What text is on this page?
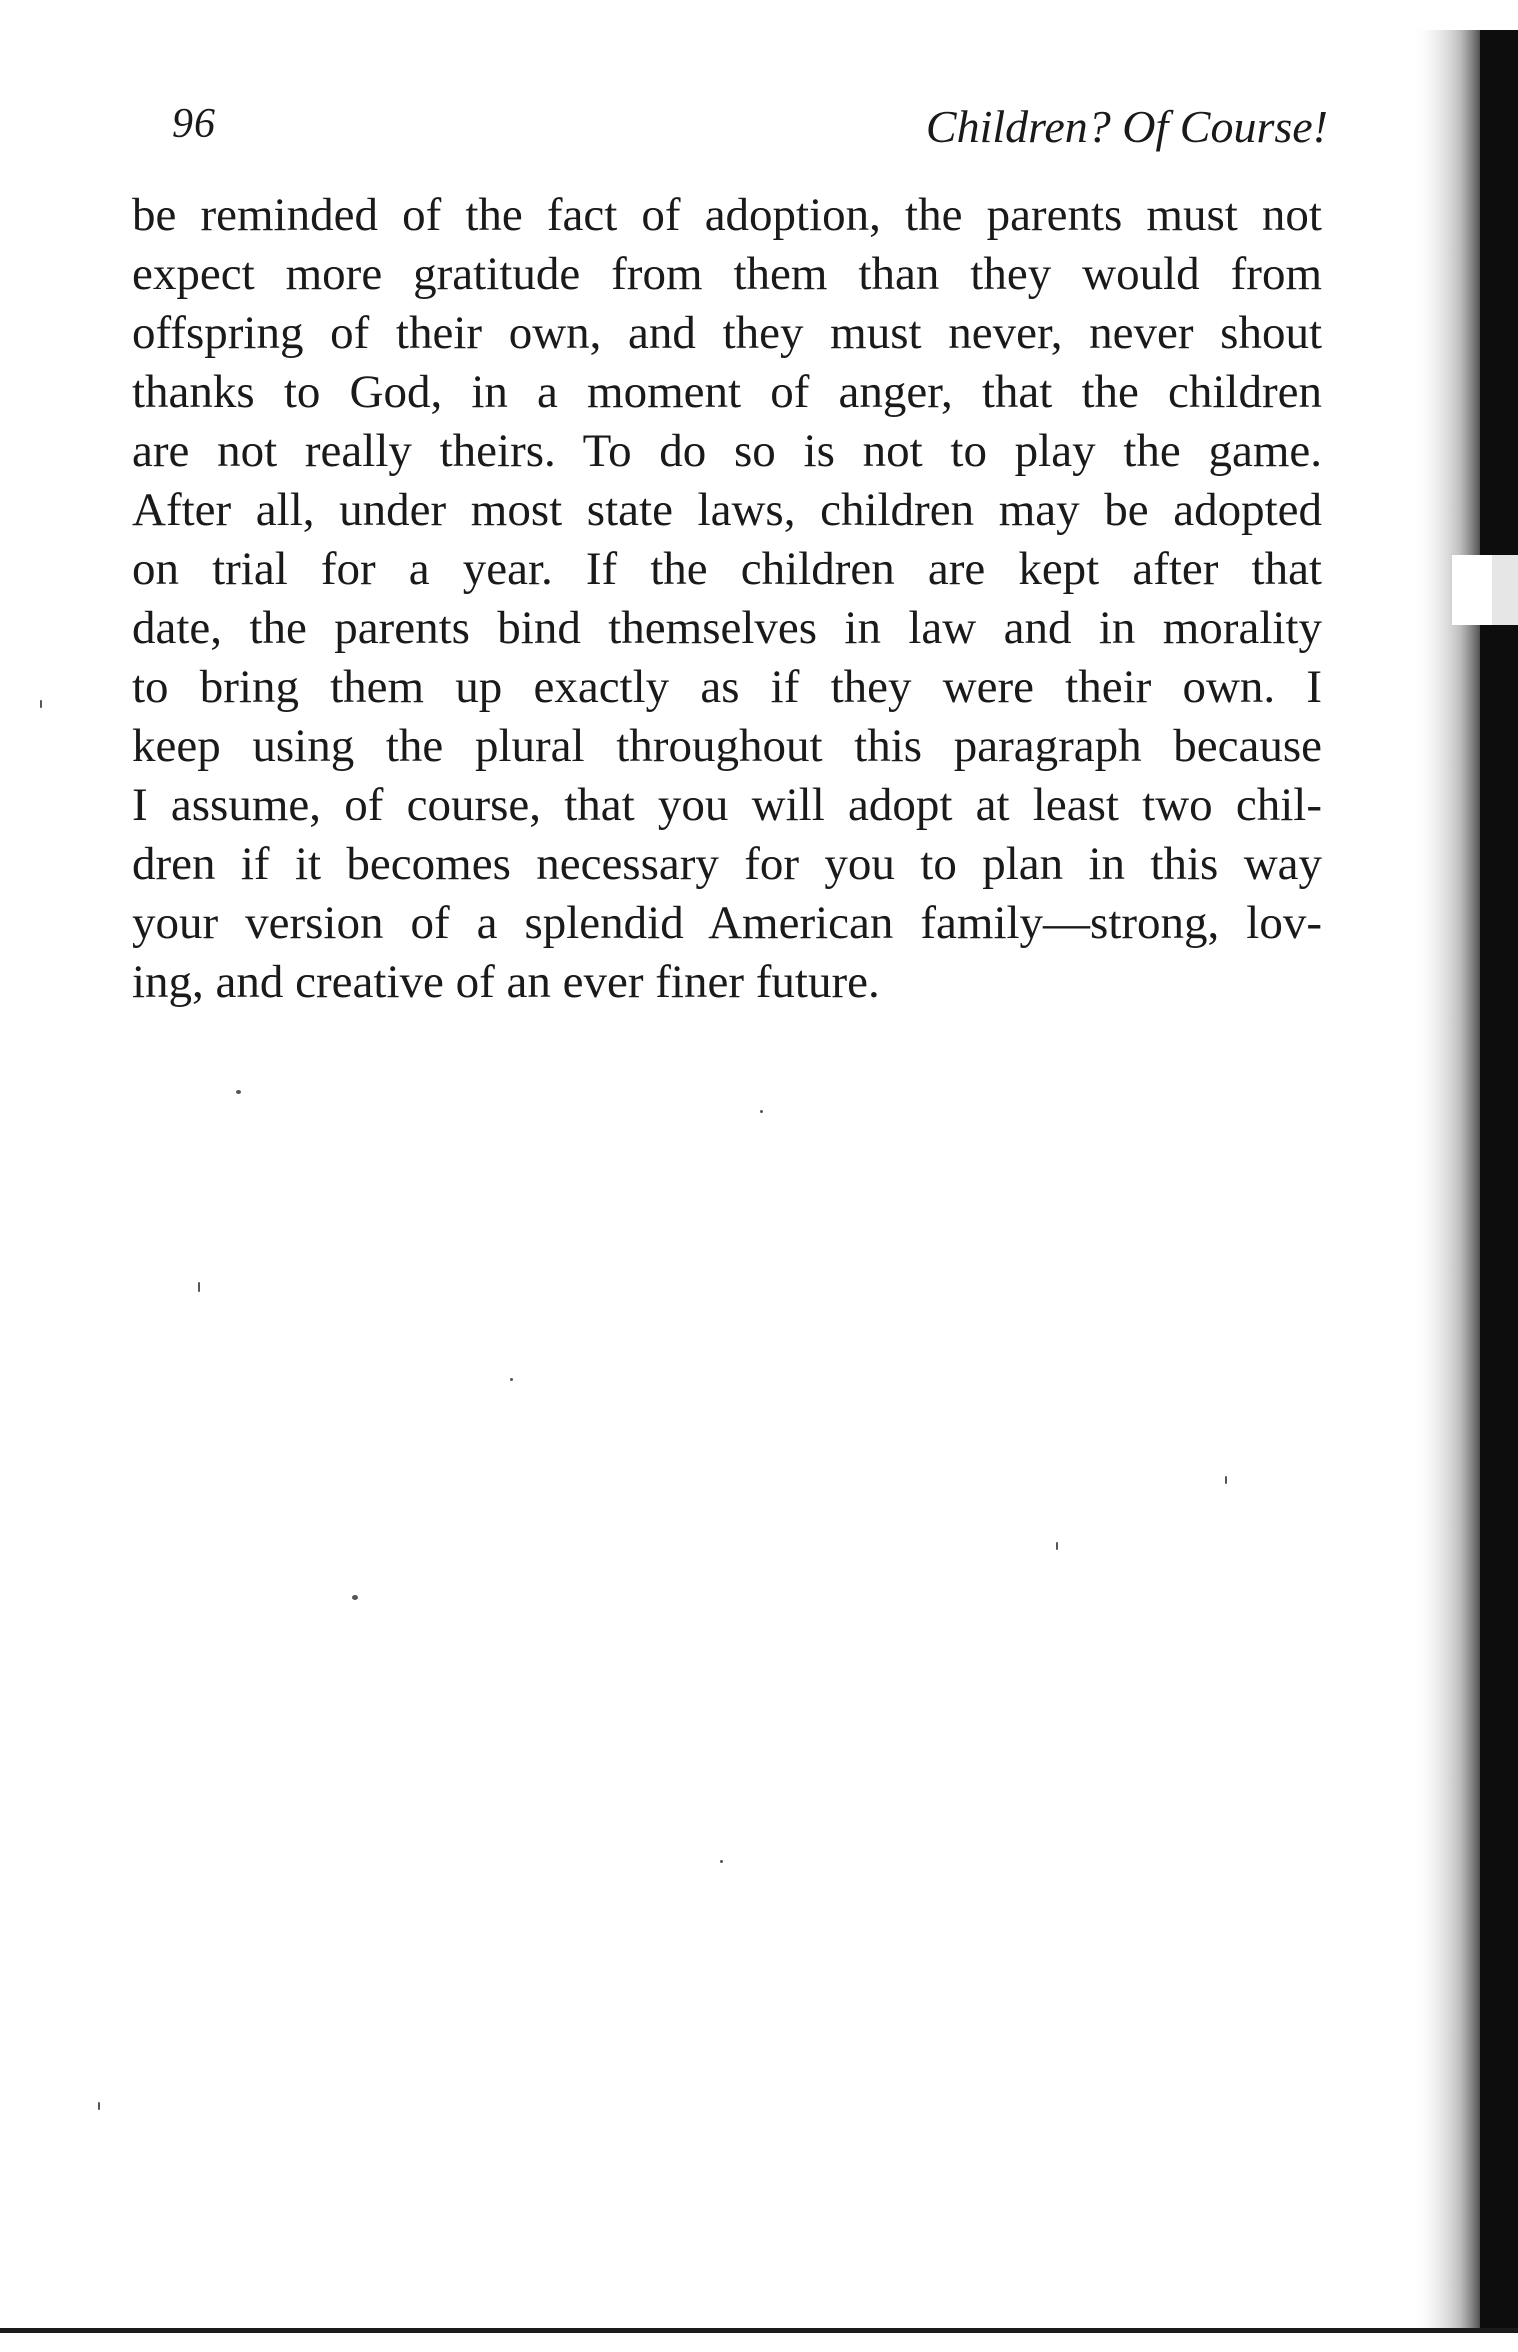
96	Children? Of Course!
be reminded of the fact of adoption, the parents must not
expect more gratitude from them than they would from
offspring of their own, and they must never, never shout
thanks to God, in a moment of anger, that the children
are not really theirs. To do so is not to play the game.
After all, under most state laws, children may be adopted
on trial for a year. If the children are kept after that
date, the parents bind themselves in law and in morality
to bring them up exactly as if they were their own. I
keep using the plural throughout this paragraph because
I assume, of course, that you will adopt at least two chil-
dren if it becomes necessary for you to plan in this way
your version of a splendid American family—strong, lov-
ing, and creative of an ever finer future.
